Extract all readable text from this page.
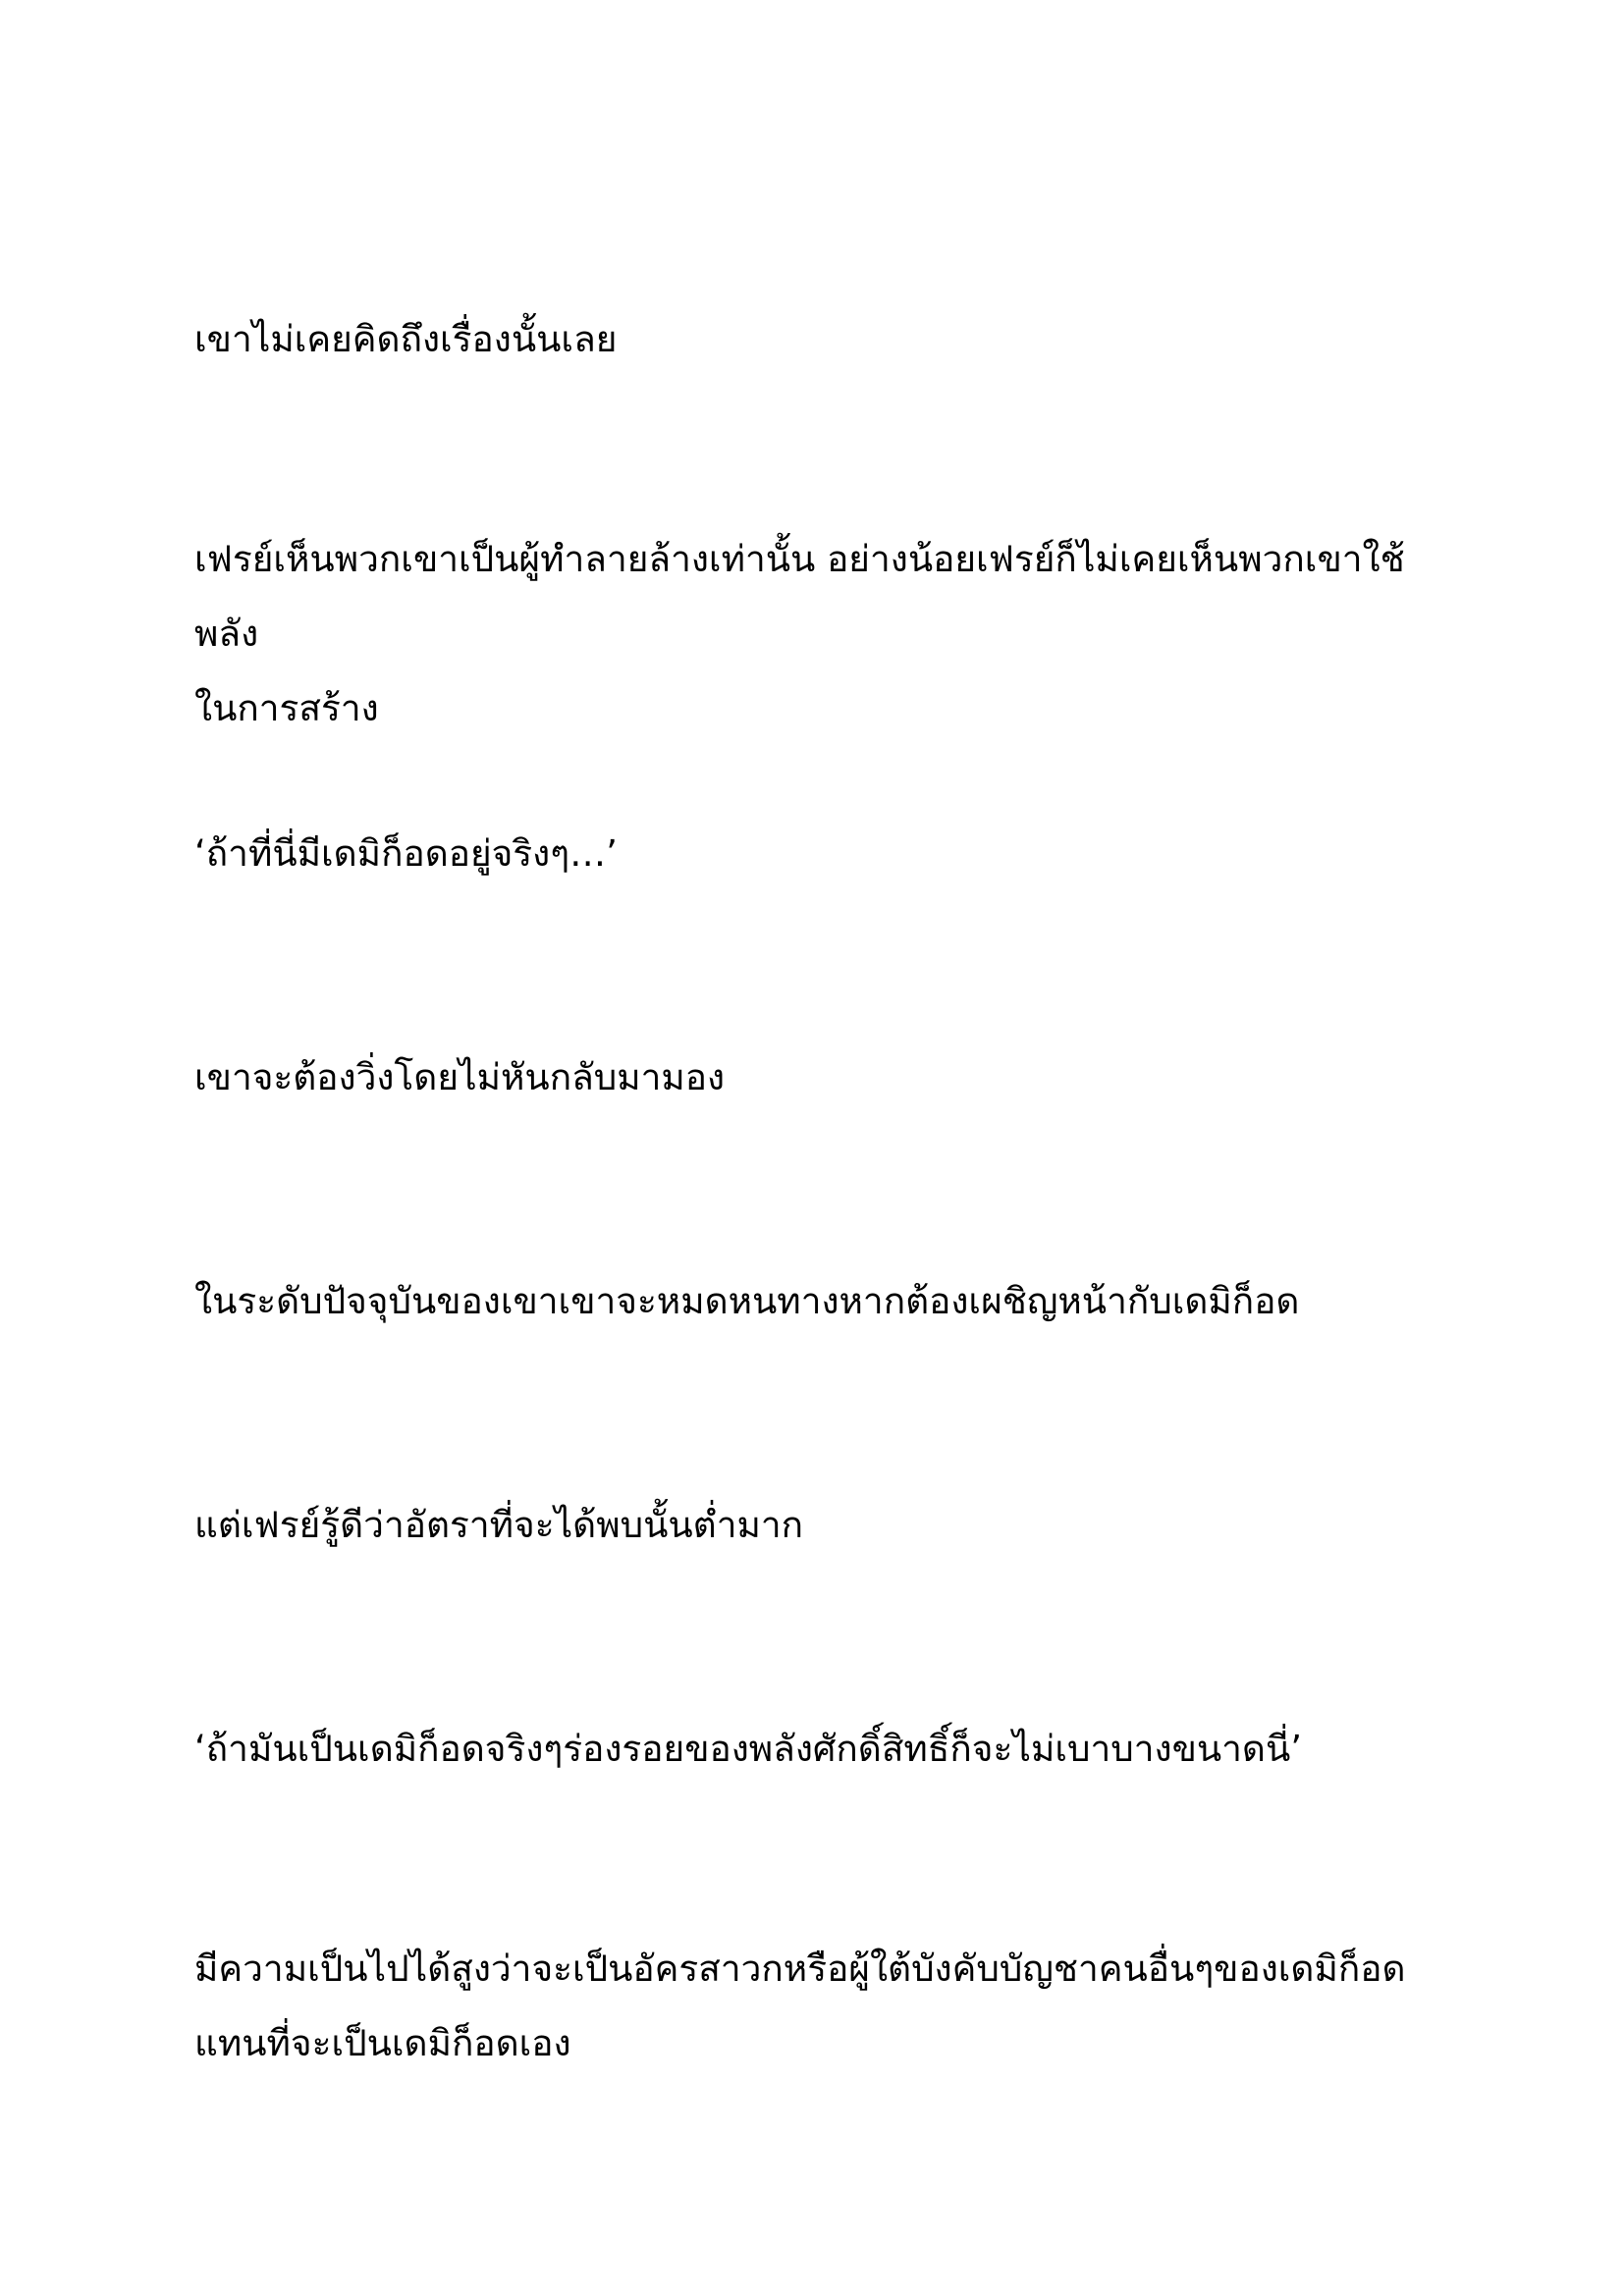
เขาไม่เคยคิดถึงเรื่องนั้นเลย

เฟรย์เห็นพวกเขาเป็นผู้ทำลายล้างเท่านั้น อย่างน้อยเฟรย์ก็ไม่เคยเห็นพวกเขาใช้พลัง
ในการสร้าง

‘ถ้าที่นี่มีเดมิก็อดอยู่จริงๆ…’

เขาจะต้องวิ่งโดยไม่หันกลับมามอง

ในระดับปัจจุบันของเขาเขาจะหมดหนทางหากต้องเผชิญหน้ากับเดมิก็อด

แต่เฟรย์รู้ดีว่าอัตราที่จะได้พบนั้นต่ำมาก

‘ถ้ามันเป็นเดมิก็อดจริงๆร่องรอยของพลังศักดิ์สิทธิ์ก็จะไม่เบาบางขนาดนี่’

มีความเป็นไปได้สูงว่าจะเป็นอัครสาวกหรือผู้ใต้บังคับบัญชาคนอื่นๆของเดมิก็อด
แทนที่จะเป็นเดมิก็อดเอง
